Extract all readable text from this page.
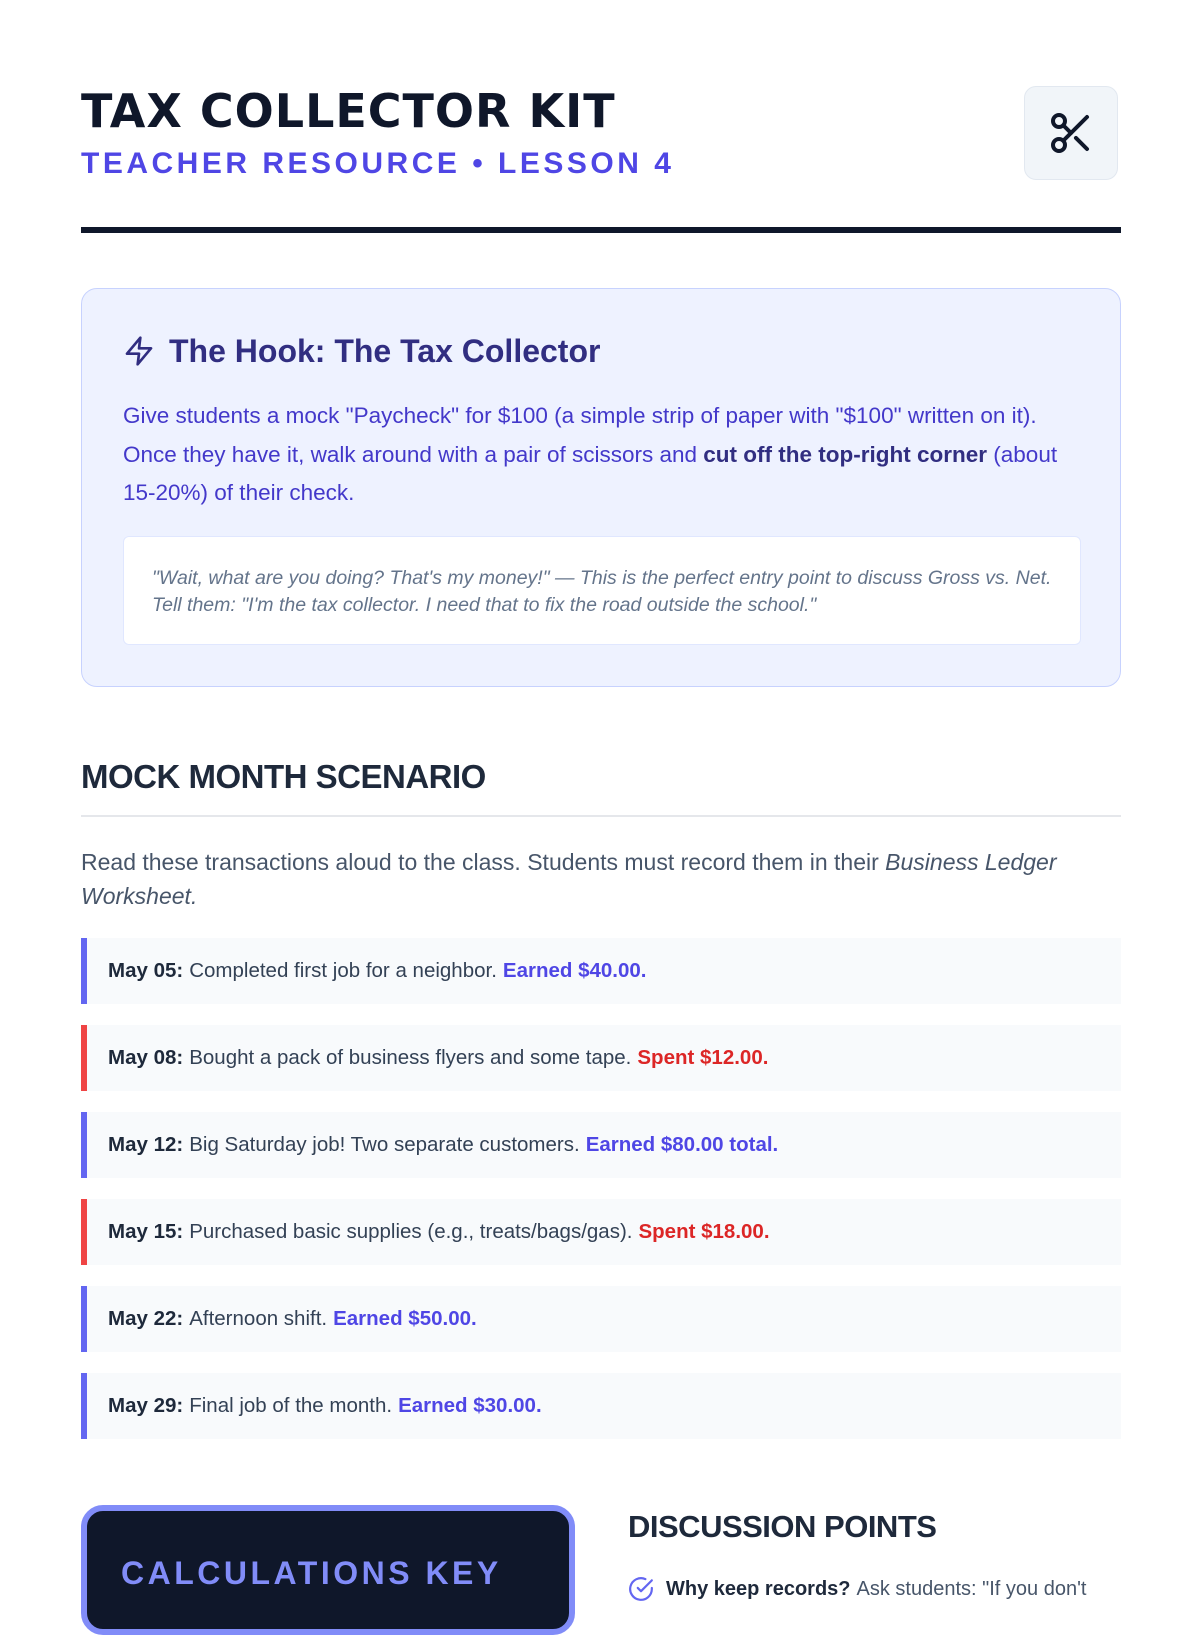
TAX COLLECTOR KIT
TEACHER RESOURCE • LESSON 4
The Hook: The Tax Collector

Give students a mock "Paycheck" for $100 (a simple strip of paper with "$100" written on it). Once they have it, walk around with a pair of scissors and cut off the top-right corner (about 15-20%) of their check.

"Wait, what are you doing? That's my money!" — This is the perfect entry point to discuss Gross vs. Net. Tell them: "I'm the tax collector. I need that to fix the road outside the school."
MOCK MONTH SCENARIO

Read these transactions aloud to the class. Students must record them in their Business Ledger Worksheet.

May 05: Completed first job for a neighbor. Earned $40.00.
May 08: Bought a pack of business flyers and some tape. Spent $12.00.
May 12: Big Saturday job! Two separate customers. Earned $80.00 total.
May 15: Purchased basic supplies (e.g., treats/bags/gas). Spent $18.00.
May 22: Afternoon shift. Earned $50.00.
May 29: Final job of the month. Earned $30.00.
CALCULATIONS KEY
DISCUSSION POINTS
Why keep records? Ask students: "If you don't
